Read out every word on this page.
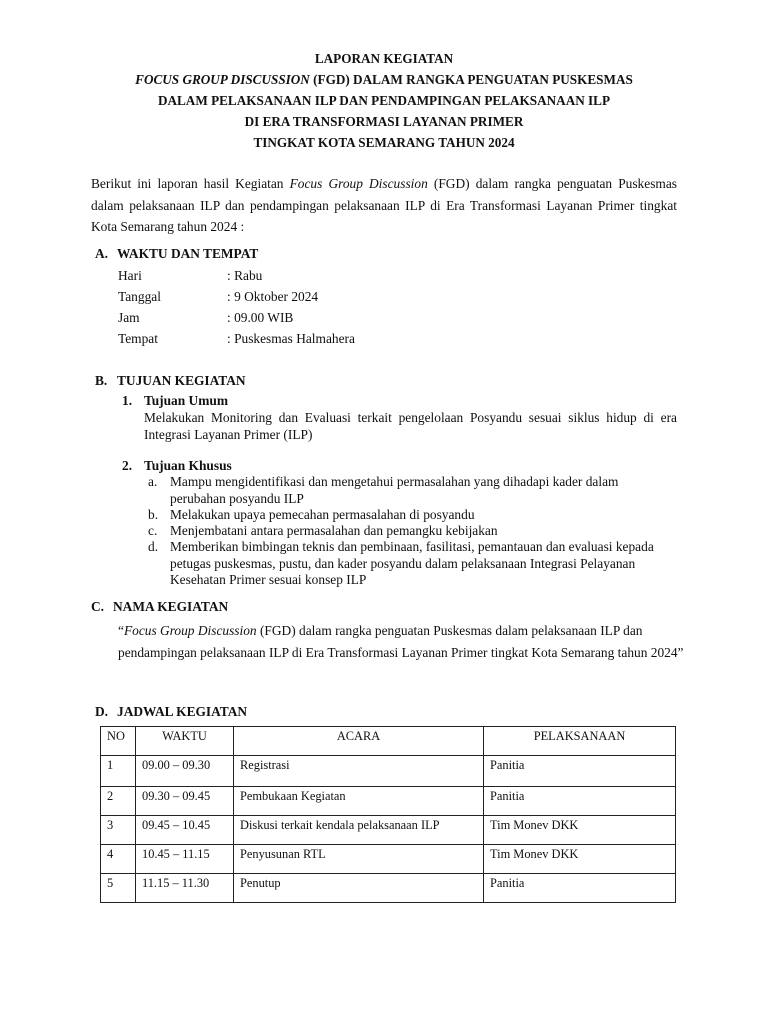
LAPORAN KEGIATAN
FOCUS GROUP DISCUSSION (FGD) DALAM RANGKA PENGUATAN PUSKESMAS
DALAM PELAKSANAAN ILP DAN PENDAMPINGAN PELAKSANAAN ILP
DI ERA TRANSFORMASI LAYANAN PRIMER
TINGKAT KOTA SEMARANG TAHUN 2024
Berikut ini laporan hasil Kegiatan Focus Group Discussion (FGD) dalam rangka penguatan Puskesmas dalam pelaksanaan ILP dan pendampingan pelaksanaan ILP di Era Transformasi Layanan Primer tingkat Kota Semarang tahun 2024 :
A. WAKTU DAN TEMPAT
Hari	: Rabu
Tanggal	: 9 Oktober 2024
Jam	: 09.00 WIB
Tempat	: Puskesmas Halmahera
B. TUJUAN KEGIATAN
1. Tujuan Umum
Melakukan Monitoring dan Evaluasi terkait pengelolaan Posyandu sesuai siklus hidup di era Integrasi Layanan Primer (ILP)
2. Tujuan Khusus
a. Mampu mengidentifikasi dan mengetahui permasalahan yang dihadapi kader dalam perubahan posyandu ILP
b. Melakukan upaya pemecahan permasalahan di posyandu
c. Menjembatani antara permasalahan dan pemangku kebijakan
d. Memberikan bimbingan teknis dan pembinaan, fasilitasi, pemantauan dan evaluasi kepada petugas puskesmas, pustu, dan kader posyandu dalam pelaksanaan Integrasi Pelayanan Kesehatan Primer sesuai konsep ILP
C. NAMA KEGIATAN
“Focus Group Discussion (FGD) dalam rangka penguatan Puskesmas dalam pelaksanaan ILP dan pendampingan pelaksanaan ILP di Era Transformasi Layanan Primer tingkat Kota Semarang tahun 2024”
D. JADWAL KEGIATAN
NO	WAKTU	ACARA	PELAKSANAAN
1	09.00 – 09.30	Registrasi	Panitia
2	09.30 – 09.45	Pembukaan Kegiatan	Panitia
3	09.45 – 10.45	Diskusi terkait kendala pelaksanaan ILP	Tim Monev DKK
4	10.45 – 11.15	Penyusunan RTL	Tim Monev DKK
5	11.15 – 11.30	Penutup	Panitia
